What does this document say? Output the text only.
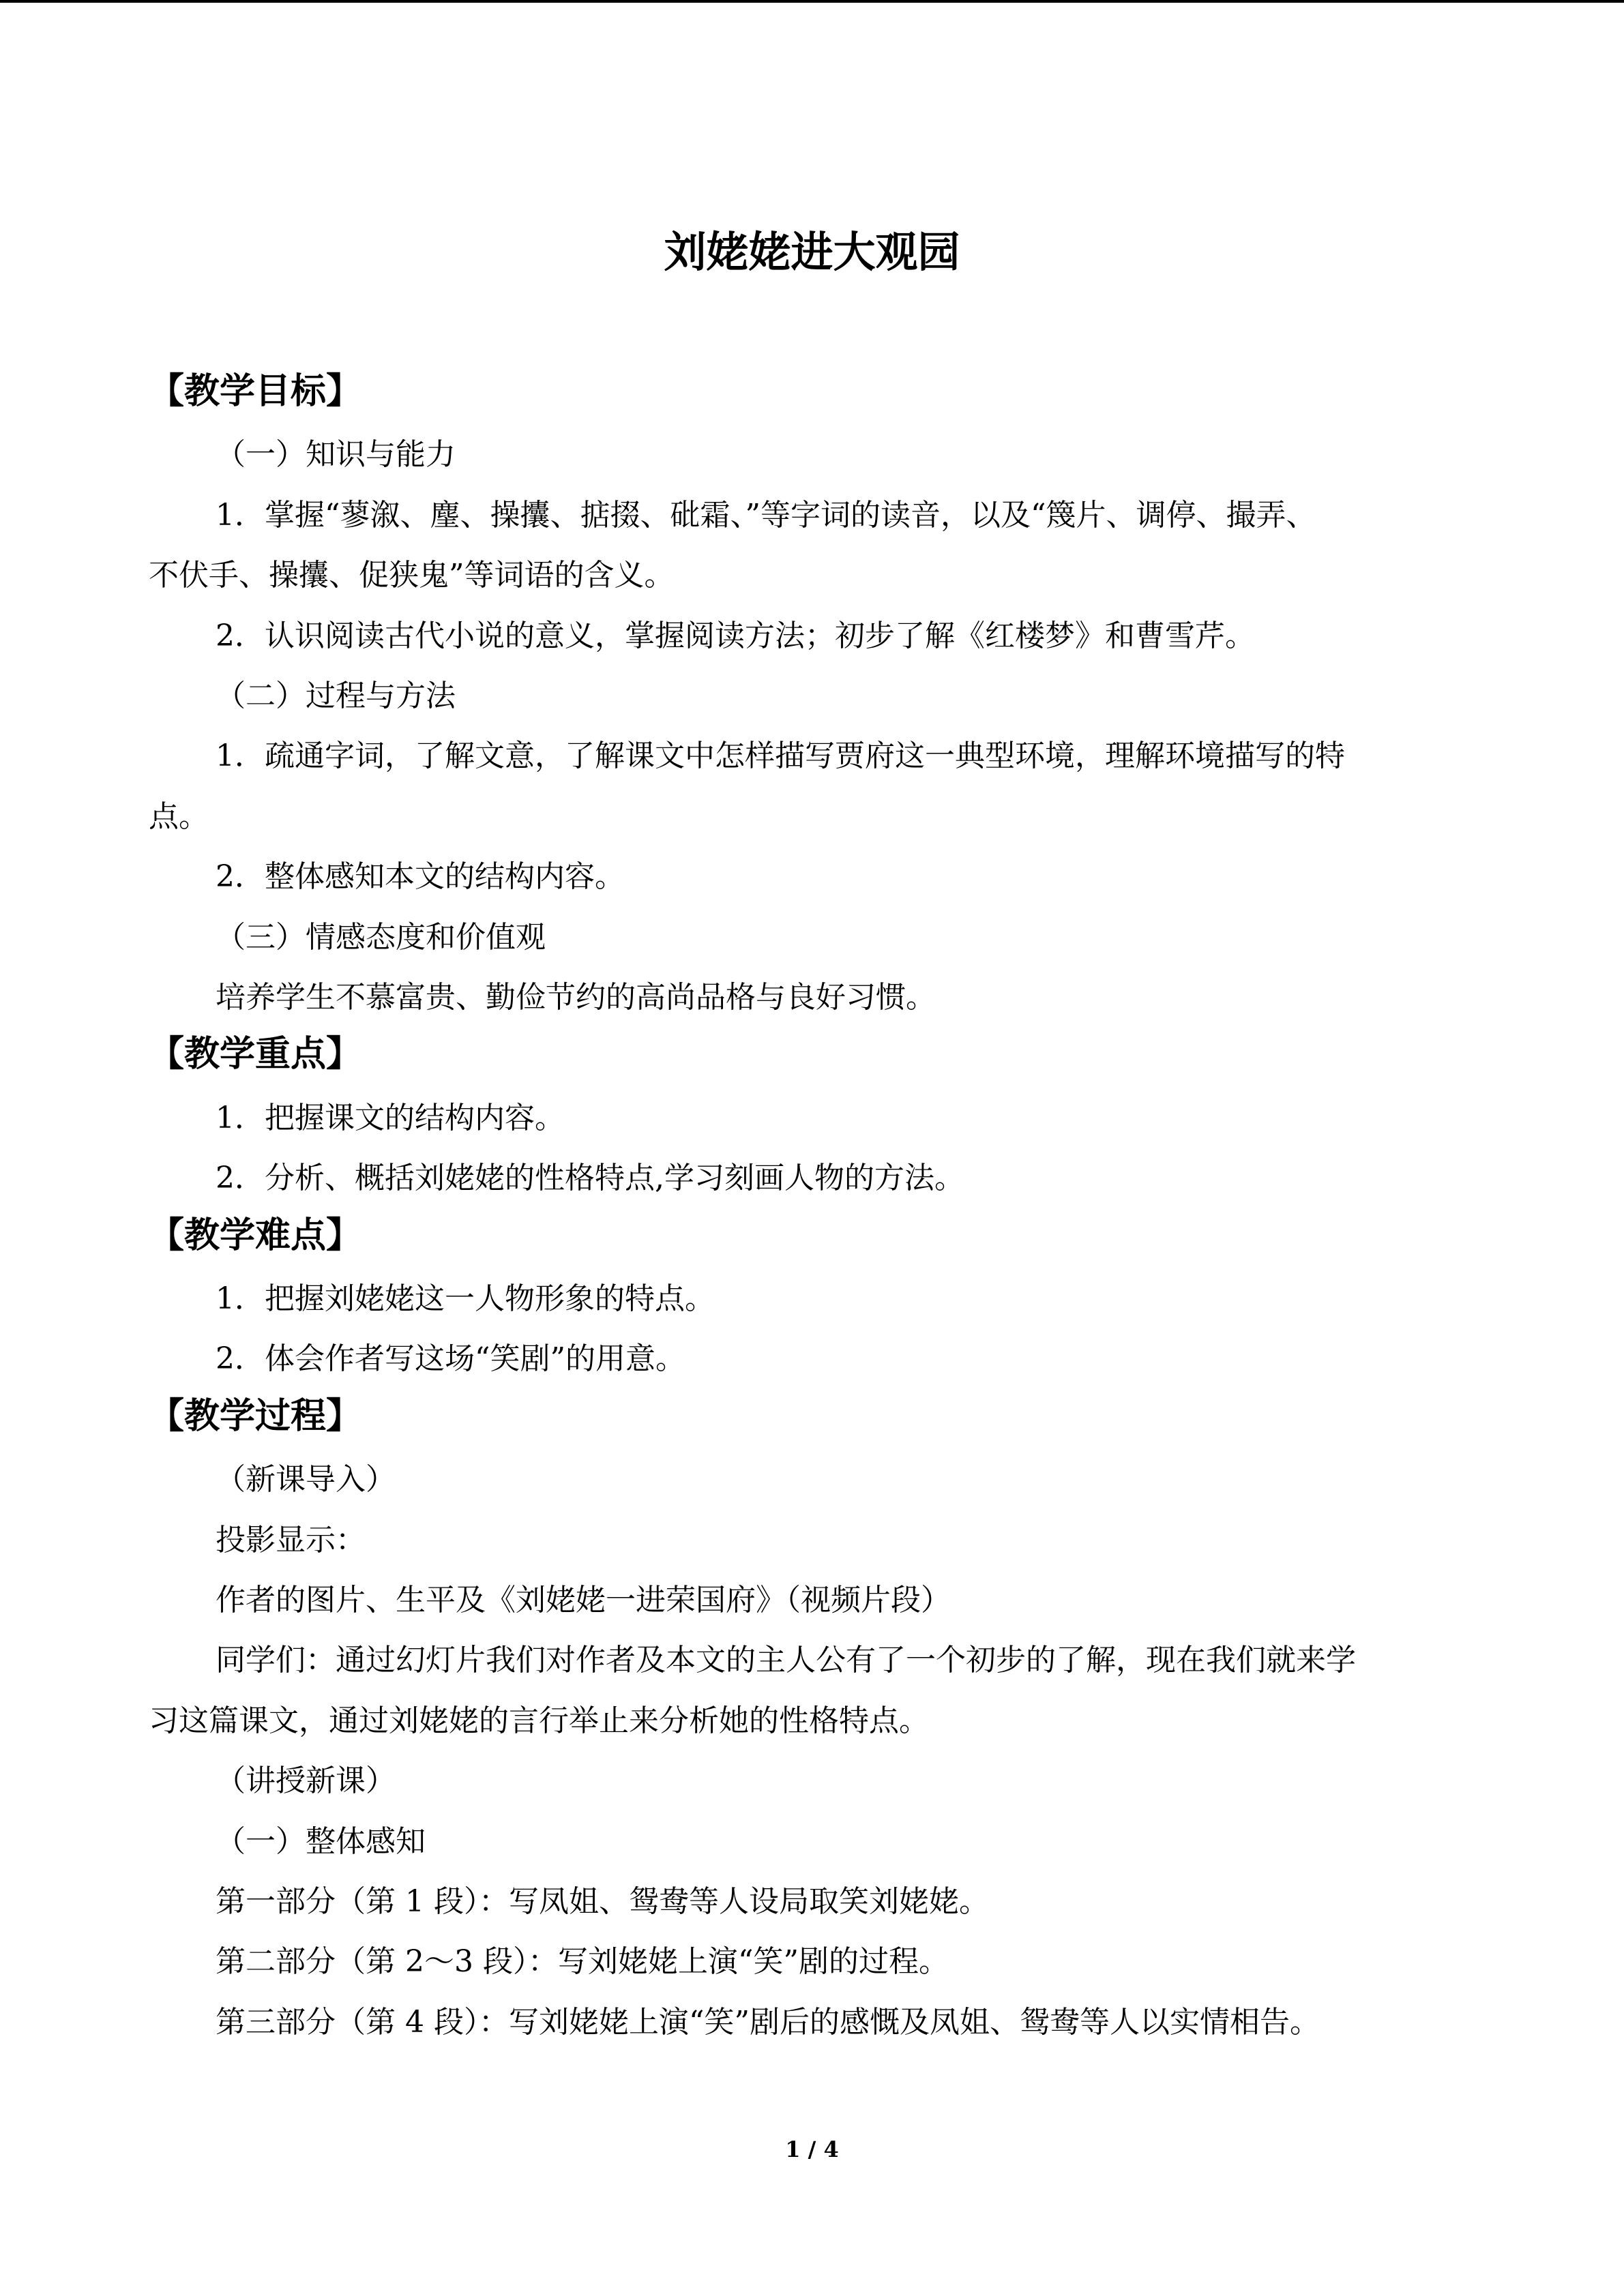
刘姥姥进大观园
【教学目标】
（一）知识与能力
1．掌握“蓼溆、麈、操攮、掂掇、砒霜、”等字词的读音，以及“篾片、调停、撮弄、
不伏手、操攮、促狭鬼”等词语的含义。
2．认识阅读古代小说的意义，掌握阅读方法；初步了解《红楼梦》和曹雪芹。
（二）过程与方法
1．疏通字词，了解文意，了解课文中怎样描写贾府这一典型环境，理解环境描写的特
点。
2．整体感知本文的结构内容。
（三）情感态度和价值观
培养学生不慕富贵、勤俭节约的高尚品格与良好习惯。
【教学重点】
1．把握课文的结构内容。
2．分析、概括刘姥姥的性格特点,学习刻画人物的方法。
【教学难点】
1．把握刘姥姥这一人物形象的特点。
2．体会作者写这场“笑剧”的用意。
【教学过程】
（新课导入）
投影显示：
作者的图片、生平及《刘姥姥一进荣国府》（视频片段）
同学们：通过幻灯片我们对作者及本文的主人公有了一个初步的了解，现在我们就来学
习这篇课文，通过刘姥姥的言行举止来分析她的性格特点。
（讲授新课）
（一）整体感知
第一部分（第 1 段）：写凤姐、鸳鸯等人设局取笑刘姥姥。
第二部分（第 2～3 段）：写刘姥姥上演“笑”剧的过程。
第三部分（第 4 段）：写刘姥姥上演“笑”剧后的感慨及凤姐、鸳鸯等人以实情相告。
1 / 4
